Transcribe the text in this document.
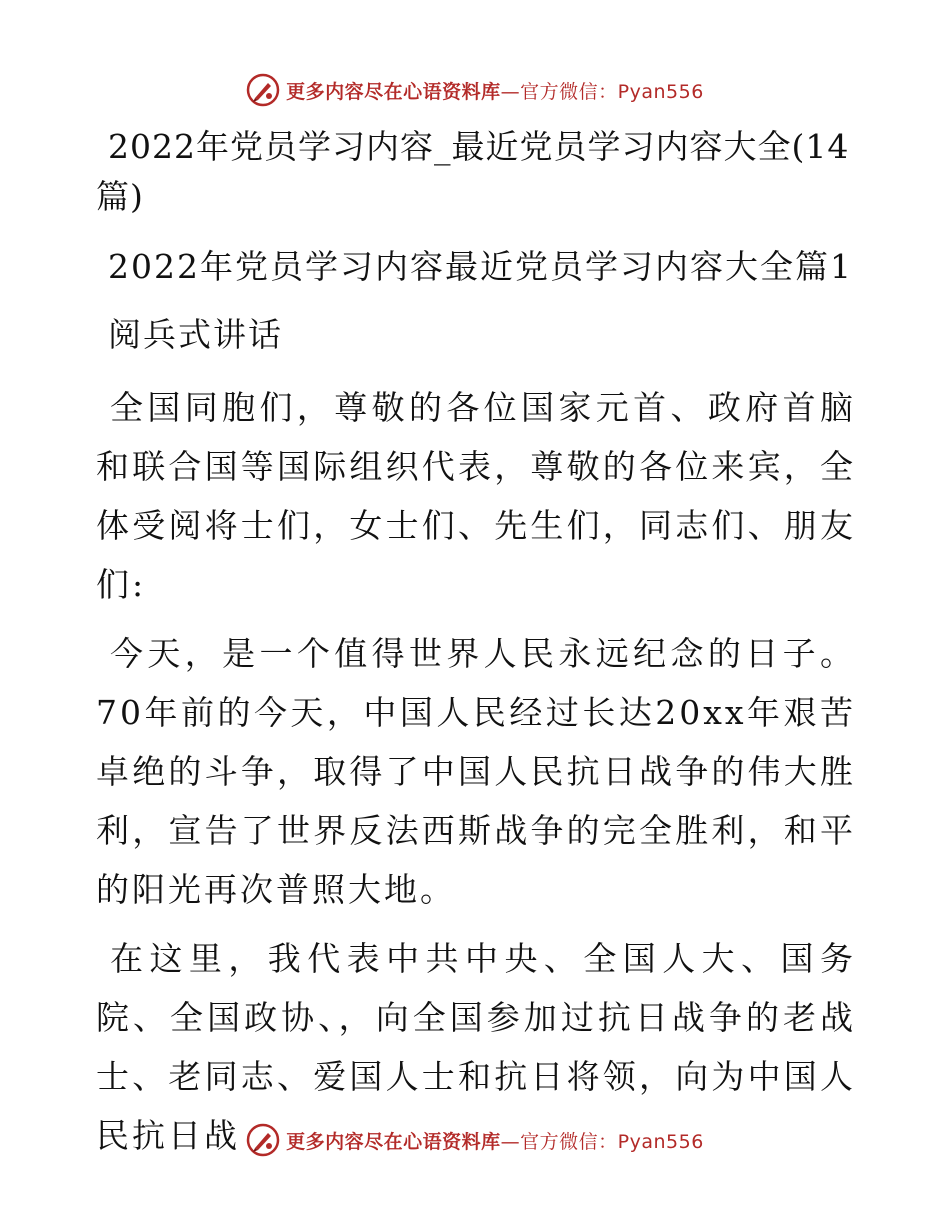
更多内容尽在心语资料库—官方微信：Pyan556
2022年党员学习内容_最近党员学习内容大全(14篇)
2022年党员学习内容最近党员学习内容大全篇1
阅兵式讲话
全国同胞们，尊敬的各位国家元首、政府首脑和联合国等国际组织代表，尊敬的各位来宾，全体受阅将士们，女士们、先生们，同志们、朋友们:
今天，是一个值得世界人民永远纪念的日子。70年前的今天，中国人民经过长达20xx年艰苦卓绝的斗争，取得了中国人民抗日战争的伟大胜利，宣告了世界反法西斯战争的完全胜利，和平的阳光再次普照大地。
在这里，我代表中共中央、全国人大、国务院、全国政协、，向全国参加过抗日战争的老战士、老同志、爱国人士和抗日将领，向为中国人民抗日战	更多内容尽在心语资料库—官方微信：Pyan556
